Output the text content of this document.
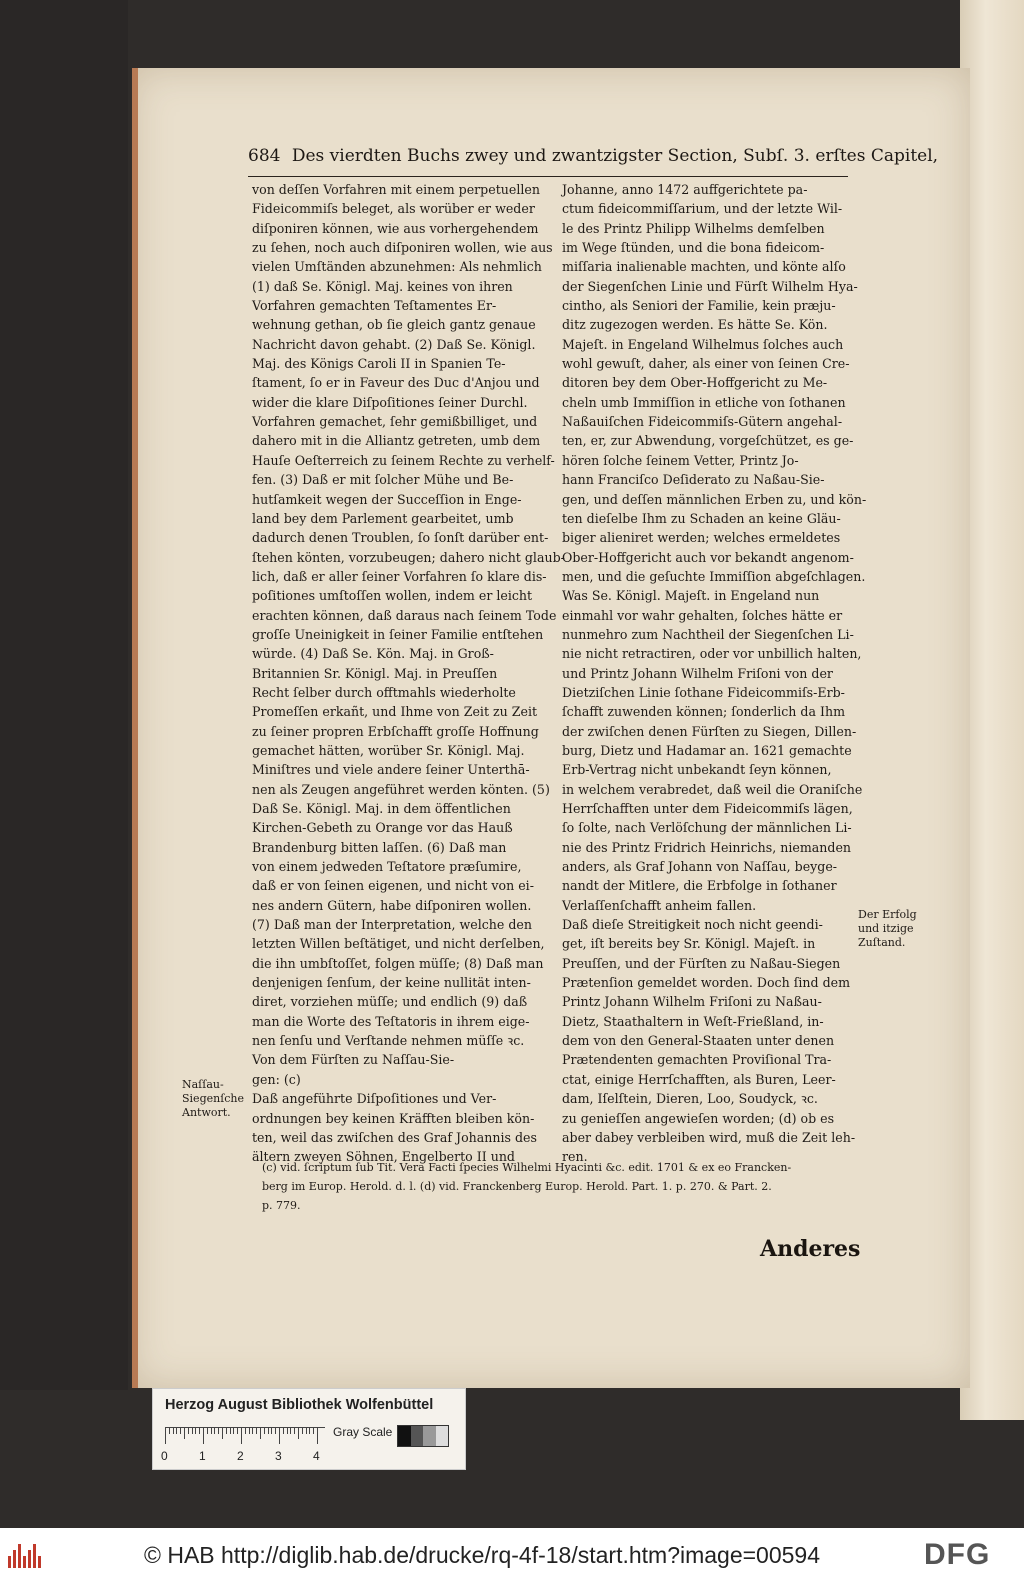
684 Des vierdten Buchs zwey und zwantzigster Section, Subſ. 3. erſtes Capitel,
von deſſen Vorfahren mit einem perpetuellen
Fideicommiſs beleget, als worüber er weder
diſponiren können, wie aus vorhergehendem
zu ſehen, noch auch diſponiren wollen, wie aus
vielen Umſtänden abzunehmen: Als nehmlich
(1) daß Se. Königl. Maj. keines von ihren
Vorfahren gemachten Teſtamentes Er-
wehnung gethan, ob ſie gleich gantz genaue
Nachricht davon gehabt. (2) Daß Se. Königl.
Maj. des Königs Caroli II in Spanien Te-
ſtament, ſo er in Faveur des Duc d'Anjou und
wider die klare Diſpoſitiones ſeiner Durchl.
Vorfahren gemachet, ſehr gemißbilliget, und
dahero mit in die Alliantz getreten, umb dem
Hauſe Oeſterreich zu ſeinem Rechte zu verhelf-
fen. (3) Daß er mit ſolcher Mühe und Be-
hutſamkeit wegen der Succeſſion in Enge-
land bey dem Parlement gearbeitet, umb
dadurch denen Troublen, ſo ſonſt darüber ent-
ſtehen könten, vorzubeugen; dahero nicht glaub-
lich, daß er aller ſeiner Vorfahren ſo klare dis-
poſitiones umſtoſſen wollen, indem er leicht
erachten können, daß daraus nach ſeinem Tode
groſſe Uneinigkeit in ſeiner Familie entſtehen
würde. (4) Daß Se. Kön. Maj. in Groß-
Britannien Sr. Königl. Maj. in Preuſſen
Recht ſelber durch offtmahls wiederholte
Promeſſen erkañt, und Ihme von Zeit zu Zeit
zu ſeiner propren Erbſchafft groſſe Hoffnung
gemachet hätten, worüber Sr. Königl. Maj.
Miniſtres und viele andere ſeiner Unterthā-
nen als Zeugen angeführet werden könten. (5)
Daß Se. Königl. Maj. in dem öffentlichen
Kirchen-Gebeth zu Orange vor das Hauß
Brandenburg bitten laſſen. (6) Daß man
von einem jedweden Teſtatore præſumire,
daß er von ſeinen eigenen, und nicht von ei-
nes andern Gütern, habe diſponiren wollen.
(7) Daß man der Interpretation, welche den
letzten Willen beſtätiget, und nicht derſelben,
die ihn umbſtoſſet, folgen müſſe; (8) Daß man
denjenigen ſenſum, der keine nullität inten-
diret, vorziehen müſſe; und endlich (9) daß
man die Worte des Teſtatoris in ihrem eige-
nen ſenſu und Verſtande nehmen müſſe ꝛc.
Von dem Fürſten zu Naſſau-Sie-
gen: (c)
Daß angeführte Diſpoſitiones und Ver-
ordnungen bey keinen Kräfften bleiben kön-
ten, weil das zwiſchen des Graf Johannis des
ältern zweyen Söhnen, Engelberto II und
Johanne, anno 1472 auffgerichtete pa-
ctum fideicommiſſarium, und der letzte Wil-
le des Printz Philipp Wilhelms demſelben
im Wege ſtünden, und die bona fideicom-
miſſaria inalienable machten, und könte alſo
der Siegenſchen Linie und Fürſt Wilhelm Hya-
cintho, als Seniori der Familie, kein præju-
ditz zugezogen werden. Es hätte Se. Kön.
Majeſt. in Engeland Wilhelmus ſolches auch
wohl gewuſt, daher, als einer von ſeinen Cre-
ditoren bey dem Ober-Hoffgericht zu Me-
cheln umb Immiſſion in etliche von ſothanen
Naßauiſchen Fideicommiſs-Gütern angehal-
ten, er, zur Abwendung, vorgeſchützet, es ge-
hören ſolche ſeinem Vetter, Printz Jo-
hann Franciſco Deſiderato zu Naßau-Sie-
gen, und deſſen männlichen Erben zu, und kön-
ten dieſelbe Ihm zu Schaden an keine Gläu-
biger alieniret werden; welches ermeldetes
Ober-Hoffgericht auch vor bekandt angenom-
men, und die geſuchte Immiſſion abgeſchlagen.
Was Se. Königl. Majeſt. in Engeland nun
einmahl vor wahr gehalten, ſolches hätte er
nunmehro zum Nachtheil der Siegenſchen Li-
nie nicht retractiren, oder vor unbillich halten,
und Printz Johann Wilhelm Friſoni von der
Dietziſchen Linie ſothane Fideicommiſs-Erb-
ſchafft zuwenden können; ſonderlich da Ihm
der zwiſchen denen Fürſten zu Siegen, Dillen-
burg, Dietz und Hadamar an. 1621 gemachte
Erb-Vertrag nicht unbekandt ſeyn können,
in welchem verabredet, daß weil die Oraniſche
Herrſchafften unter dem Fideicommiſs lägen,
ſo ſolte, nach Verlöſchung der männlichen Li-
nie des Printz Fridrich Heinrichs, niemanden
anders, als Graf Johann von Naſſau, beyge-
nandt der Mitlere, die Erbfolge in ſothaner
Verlaſſenſchafft anheim fallen.
Daß dieſe Streitigkeit noch nicht geendi-
get, iſt bereits bey Sr. Königl. Majeſt. in
Preuſſen, und der Fürſten zu Naßau-Siegen
Prætenſion gemeldet worden. Doch ſind dem
Printz Johann Wilhelm Friſoni zu Naßau-
Dietz, Staathaltern in Weſt-Frießland, in-
dem von den General-Staaten unter denen
Prætendenten gemachten Proviſional Tra-
ctat, einige Herrſchafften, als Buren, Leer-
dam, Iſelſtein, Dieren, Loo, Soudyck, ꝛc.
zu genieſſen angewieſen worden; (d) ob es
aber dabey verbleiben wird, muß die Zeit leh-
ren.
Naſſau-
Siegenſche
Antwort.
Der Erfolg
und itzige
Zuſtand.
(c) vid. ſcriptum ſub Tit. Vera Facti ſpecies Wilhelmi Hyacinti &c. edit. 1701 & ex eo Francken-
berg im Europ. Herold. d. l. (d) vid. Franckenberg Europ. Herold. Part. 1. p. 270. & Part. 2.
p. 779.
Anderes
Herzog August Bibliothek Wolfenbüttel
0	1	2	3	4
Gray Scale
© HAB http://diglib.hab.de/drucke/rq-4f-18/start.htm?image=00594	DFG
